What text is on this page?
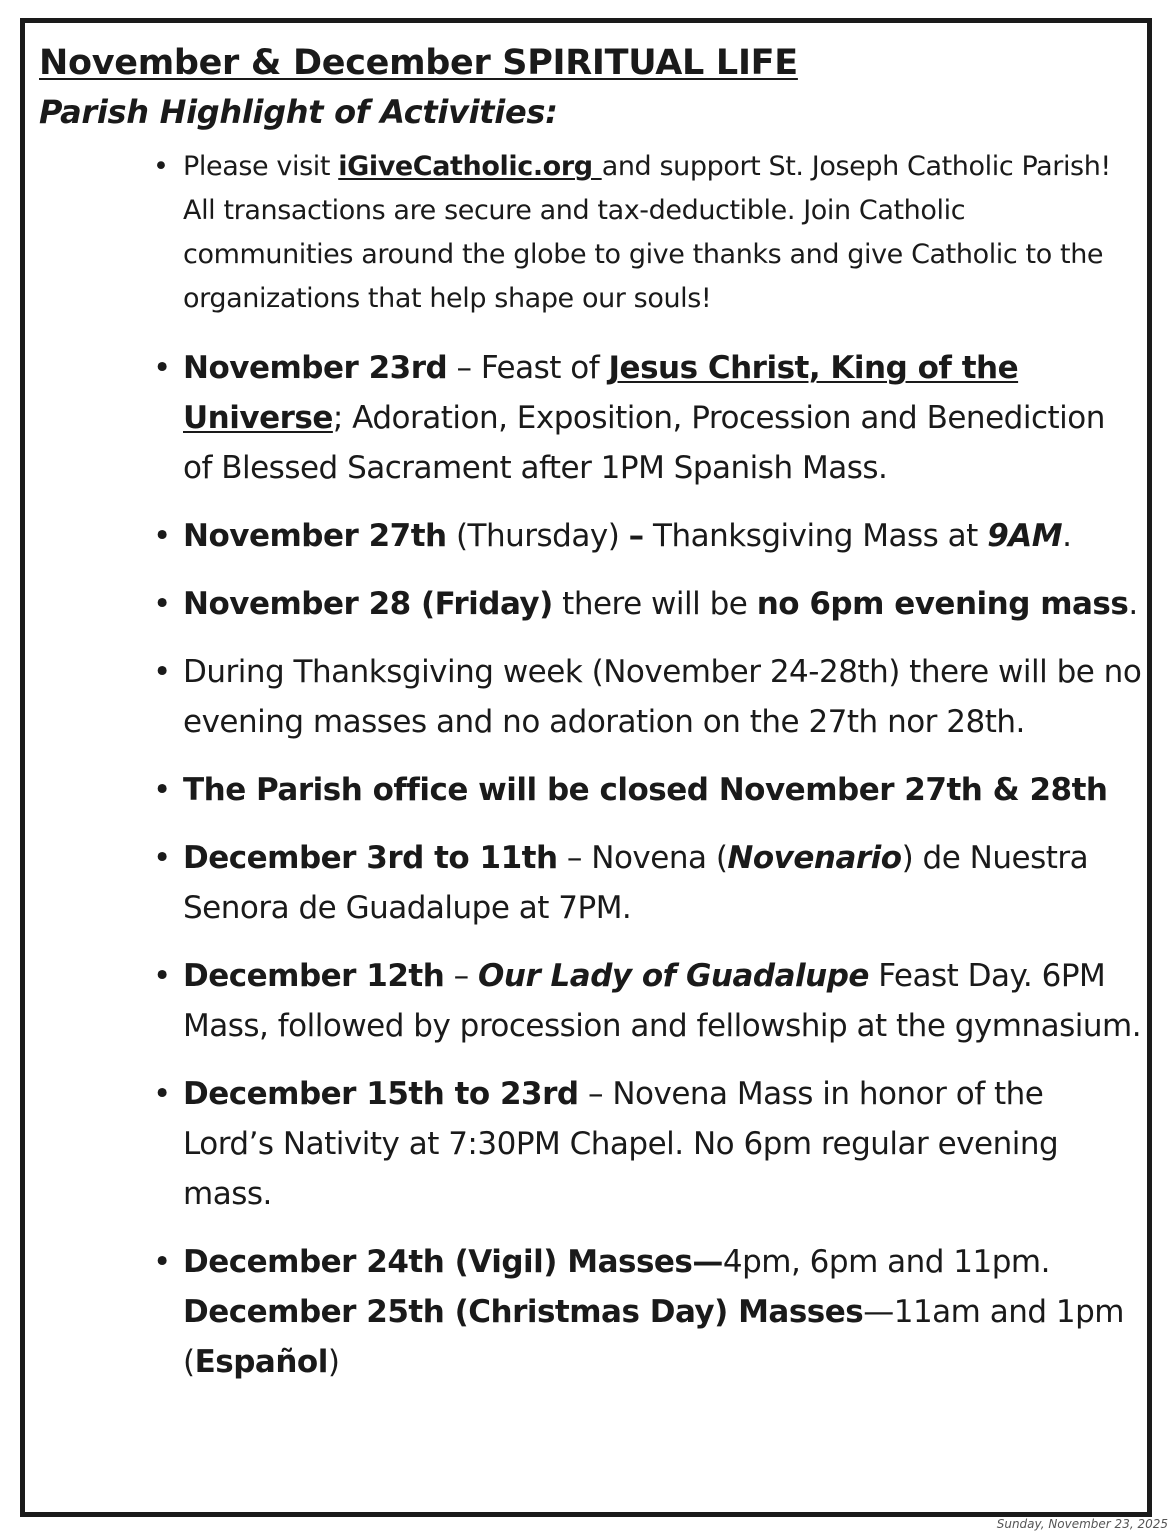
November & December SPIRITUAL LIFE
Parish Highlight of Activities:
• Please visit iGiveCatholic.org and support St. Joseph Catholic Parish! All transactions are secure and tax-deductible. Join Catholic communities around the globe to give thanks and give Catholic to the organizations that help shape our souls!

• November 23rd – Feast of Jesus Christ, King of the Universe; Adoration, Exposition, Procession and Benediction of Blessed Sacrament after 1PM Spanish Mass.

• November 27th (Thursday) – Thanksgiving Mass at 9AM.

• November 28 (Friday) there will be no 6pm evening mass.

• During Thanksgiving week (November 24-28th) there will be no evening masses and no adoration on the 27th nor 28th.

• The Parish office will be closed November 27th & 28th

• December 3rd to 11th – Novena (Novenario) de Nuestra Senora de Guadalupe at 7PM.

• December 12th – Our Lady of Guadalupe Feast Day. 6PM Mass, followed by procession and fellowship at the gymnasium.

• December 15th to 23rd – Novena Mass in honor of the Lord’s Nativity at 7:30PM Chapel. No 6pm regular evening mass.

• December 24th (Vigil) Masses—4pm, 6pm and 11pm.
December 25th (Christmas Day) Masses—11am and 1pm (Español)

Sunday, November 23, 2025
